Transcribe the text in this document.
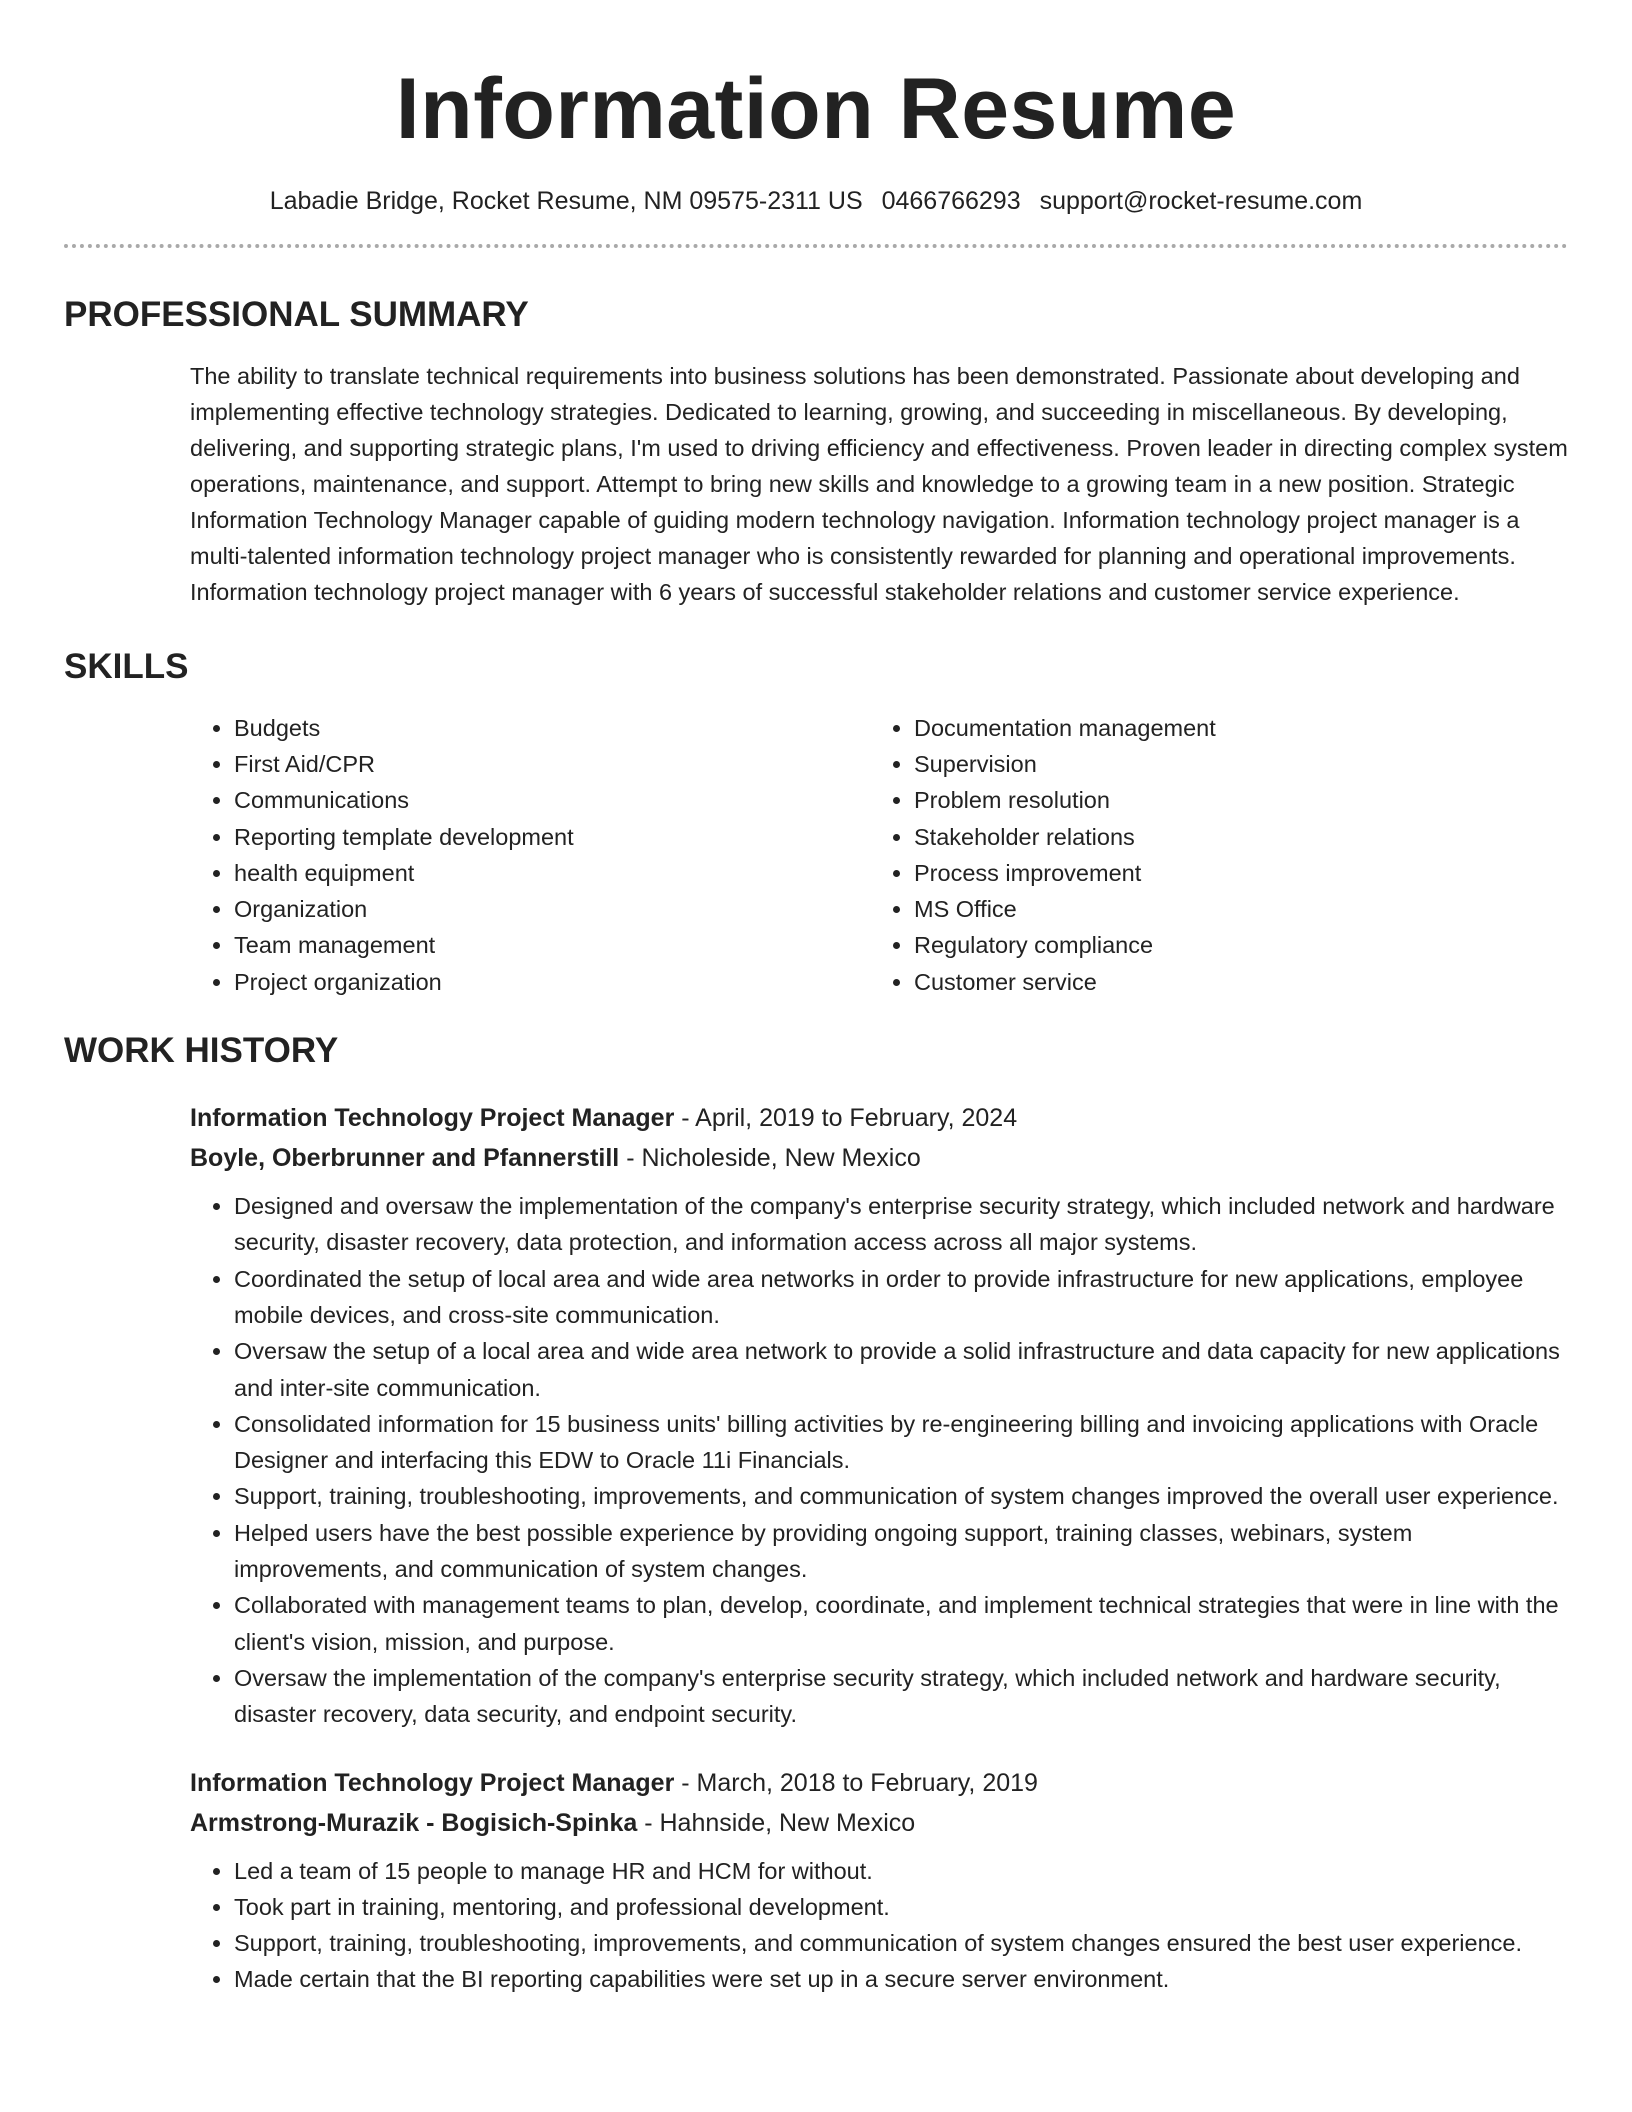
Information Resume
Labadie Bridge, Rocket Resume, NM 09575-2311 US 0466766293 support@rocket-resume.com
PROFESSIONAL SUMMARY

The ability to translate technical requirements into business solutions has been demonstrated. Passionate about developing and implementing effective technology strategies. Dedicated to learning, growing, and succeeding in miscellaneous. By developing, delivering, and supporting strategic plans, I'm used to driving efficiency and effectiveness. Proven leader in directing complex system operations, maintenance, and support. Attempt to bring new skills and knowledge to a growing team in a new position. Strategic Information Technology Manager capable of guiding modern technology navigation. Information technology project manager is a multi-talented information technology project manager who is consistently rewarded for planning and operational improvements. Information technology project manager with 6 years of successful stakeholder relations and customer service experience.

SKILLS
• Budgets
• First Aid/CPR
• Communications
• Reporting template development
• health equipment
• Organization
• Team management
• Project organization
• Documentation management
• Supervision
• Problem resolution
• Stakeholder relations
• Process improvement
• MS Office
• Regulatory compliance
• Customer service
WORK HISTORY
Information Technology Project Manager - April, 2019 to February, 2024
Boyle, Oberbrunner and Pfannerstill - Nicholeside, New Mexico
• Designed and oversaw the implementation of the company's enterprise security strategy, which included network and hardware security, disaster recovery, data protection, and information access across all major systems.
• Coordinated the setup of local area and wide area networks in order to provide infrastructure for new applications, employee mobile devices, and cross-site communication.
• Oversaw the setup of a local area and wide area network to provide a solid infrastructure and data capacity for new applications and inter-site communication.
• Consolidated information for 15 business units' billing activities by re-engineering billing and invoicing applications with Oracle Designer and interfacing this EDW to Oracle 11i Financials.
• Support, training, troubleshooting, improvements, and communication of system changes improved the overall user experience.
• Helped users have the best possible experience by providing ongoing support, training classes, webinars, system improvements, and communication of system changes.
• Collaborated with management teams to plan, develop, coordinate, and implement technical strategies that were in line with the client's vision, mission, and purpose.
• Oversaw the implementation of the company's enterprise security strategy, which included network and hardware security, disaster recovery, data security, and endpoint security.
Information Technology Project Manager - March, 2018 to February, 2019
Armstrong-Murazik - Bogisich-Spinka - Hahnside, New Mexico
• Led a team of 15 people to manage HR and HCM for without.
• Took part in training, mentoring, and professional development.
• Support, training, troubleshooting, improvements, and communication of system changes ensured the best user experience.
• Made certain that the BI reporting capabilities were set up in a secure server environment.
